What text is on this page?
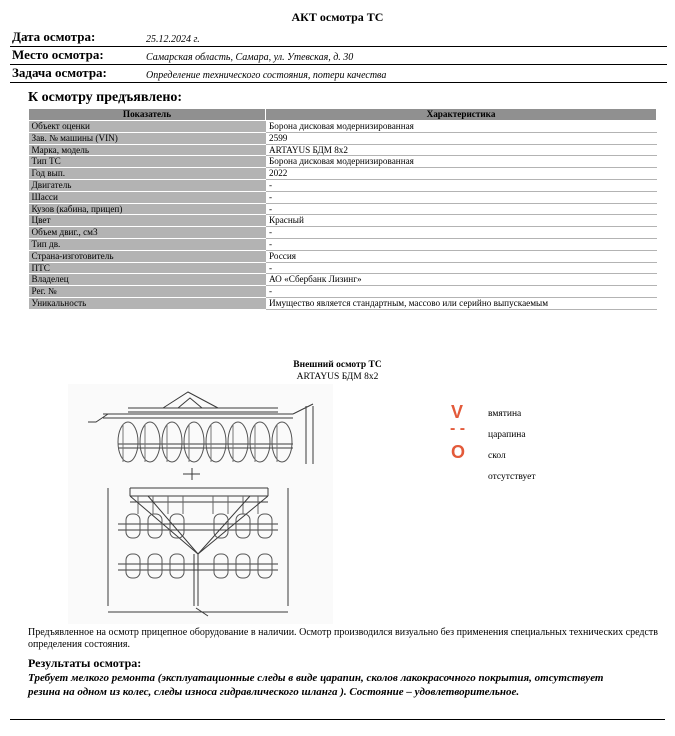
АКТ осмотра ТС
Дата осмотра:	25.12.2024 г.
Место осмотра:	Самарская область, Самара, ул. Утевская, д. 30
Задача осмотра:	Определение технического состояния, потери качества
К осмотру предъявлено:
Показатель	Характеристика
Объект оценки	Борона дисковая модернизированная
Зав. № машины (VIN)	2599
Марка, модель	ARTAYUS БДМ 8х2
Тип ТС	Борона дисковая модернизированная
Год вып.	2022
Двигатель	-
Шасси	-
Кузов (кабина, прицеп)	-
Цвет	Красный
Объем двиг., см3	-
Тип дв.	-
Страна-изготовитель	Россия
ПТС	-
Владелец	АО «Сбербанк Лизинг»
Рег. №	-
Уникальность	Имущество является стандартным, массово или серийно выпускаемым
Внешний осмотр ТС
ARTAYUS БДМ 8х2
V	вмятина
- - царапина
O скол
отсутствует
Предъявленное на осмотр прицепное оборудование в наличии. Осмотр производился визуально без применения специальных технических средств определения состояния.
Результаты осмотра:
Требует мелкого ремонта (эксплуатационные следы в виде царапин, сколов лакокрасочного покрытия, отсутствует резина на одном из колес, следы износа гидравлического шланга ). Состояние – удовлетворительное.
